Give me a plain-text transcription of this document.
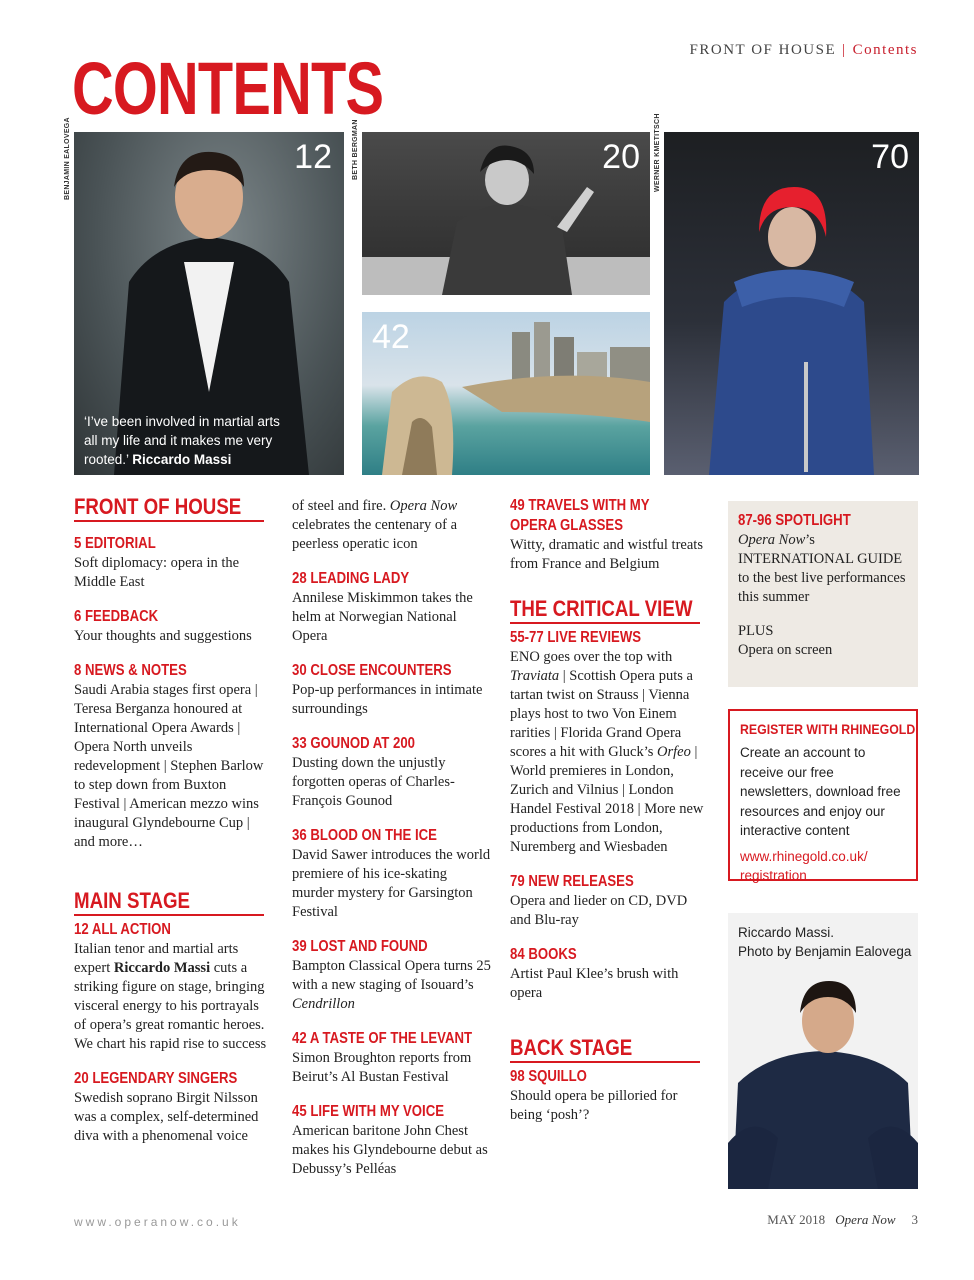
FRONT OF HOUSE | Contents
CONTENTS
BENJAMIN EALOVEGA	12
‘I’ve been involved in martial arts all my life and it makes me very rooted.’ Riccardo Massi
BETH BERGMAN	20
42
WERNER KMETITSCH	70
FRONT OF HOUSE
5 EDITORIAL
Soft diplomacy: opera in the Middle East
6 FEEDBACK
Your thoughts and suggestions
8 NEWS & NOTES
Saudi Arabia stages first opera | Teresa Berganza honoured at International Opera Awards | Opera North unveils redevelopment | Stephen Barlow to step down from Buxton Festival | American mezzo wins inaugural Glyndebourne Cup | and more…
MAIN STAGE
12 ALL ACTION
Italian tenor and martial arts expert Riccardo Massi cuts a striking figure on stage, bringing visceral energy to his portrayals of opera’s great romantic heroes. We chart his rapid rise to success
20 LEGENDARY SINGERS
Swedish soprano Birgit Nilsson was a complex, self-determined diva with a phenomenal voice
of steel and fire. Opera Now celebrates the centenary of a peerless operatic icon
28 LEADING LADY
Annilese Miskimmon takes the helm at Norwegian National Opera
30 CLOSE ENCOUNTERS
Pop-up performances in intimate surroundings
33 GOUNOD AT 200
Dusting down the unjustly forgotten operas of Charles-François Gounod
36 BLOOD ON THE ICE
David Sawer introduces the world premiere of his ice-skating murder mystery for Garsington Festival
39 LOST AND FOUND
Bampton Classical Opera turns 25 with a new staging of Isouard’s Cendrillon
42 A TASTE OF THE LEVANT
Simon Broughton reports from Beirut’s Al Bustan Festival
45 LIFE WITH MY VOICE
American baritone John Chest makes his Glyndebourne debut as Debussy’s Pelléas
49 TRAVELS WITH MY
OPERA GLASSES
Witty, dramatic and wistful treats from France and Belgium
THE CRITICAL VIEW
55-77 LIVE REVIEWS
ENO goes over the top with Traviata | Scottish Opera puts a tartan twist on Strauss | Vienna plays host to two Von Einem rarities | Florida Grand Opera scores a hit with Gluck’s Orfeo | World premieres in London, Zurich and Vilnius | London Handel Festival 2018 | More new productions from London, Nuremberg and Wiesbaden
79 NEW RELEASES
Opera and lieder on CD, DVD and Blu-ray
84 BOOKS
Artist Paul Klee’s brush with opera
BACK STAGE
98 SQUILLO
Should opera be pilloried for being ‘posh’?
87-96 SPOTLIGHT
Opera Now’s INTERNATIONAL GUIDE to the best live performances this summer
PLUS
Opera on screen
REGISTER WITH RHINEGOLD
Create an account to receive our free newsletters, download free resources and enjoy our interactive content
www.rhinegold.co.uk/ registration
Riccardo Massi.
Photo by Benjamin Ealovega
www.operanow.co.uk	MAY 2018 Opera Now 3
